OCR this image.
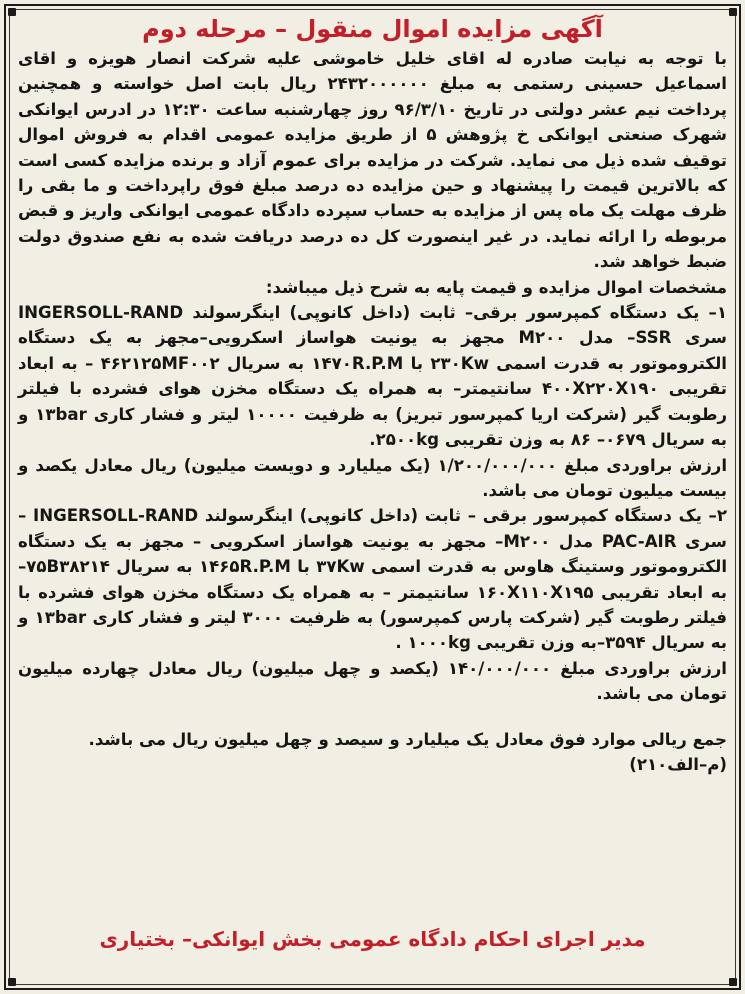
آگهی مزایده اموال منقول – مرحله دوم

با توجه به نیابت صادره له اقای خلیل خاموشی علیه شرکت انصار هویزه و اقای اسماعیل حسینی رستمی به مبلغ ۲۴۳۲۰۰۰۰۰۰ ریال بابت اصل خواسته و همچنین پرداخت نیم عشر دولتی در تاریخ ۹۶/۳/۱۰ روز چهارشنبه ساعت ۱۲:۳۰ در ادرس ایوانکی شهرک صنعتی ایوانکی خ پژوهش ۵ از طریق مزایده عمومی اقدام به فروش اموال توقیف شده ذیل می نماید. شرکت در مزایده برای عموم آزاد و برنده مزایده کسی است که بالاترین قیمت را پیشنهاد و حین مزایده ده درصد مبلغ فوق راپرداخت و ما بقی را ظرف مهلت یک ماه پس از مزایده به حساب سپرده دادگاه عمومی ایوانکی واریز و قبض مربوطه را ارائه نماید. در غیر اینصورت کل ده درصد دریافت شده به نفع صندوق دولت ضبط خواهد شد.

مشخصات اموال مزایده و قیمت پایه به شرح ذیل میباشد:

۱– یک دستگاه کمپرسور برقی– ثابت (داخل کانوپی) اینگرسولند INGERSOLL-RAND سری SSR– مدل M۲۰۰ مجهز به یونیت هواساز اسکرویی–مجهز به یک دستگاه الکتروموتور به قدرت اسمی ۲۳۰Kw با ۱۴۷۰R.P.M به سریال ۴۶۲۱۲۵MF۰۰۲ – به ابعاد تقریبی ۴۰۰X۲۲۰X۱۹۰ سانتیمتر– به همراه یک دستگاه مخزن هوای فشرده با فیلتر رطوبت گیر (شرکت اریا کمپرسور تبریز) به ظرفیت ۱۰۰۰۰ لیتر و فشار کاری ۱۳bar و به سریال ۰۶۷۹– ۸۶ به وزن تقریبی ۲۵۰۰kg.

ارزش براوردی مبلغ ۱/۲۰۰/۰۰۰/۰۰۰ (یک میلیارد و دویست میلیون) ریال معادل یکصد و بیست میلیون تومان می باشد.

۲– یک دستگاه کمپرسور برقی – ثابت (داخل کانوپی) اینگرسولند INGERSOLL-RAND – سری PAC-AIR مدل M۲۰۰– مجهز به یونیت هواساز اسکرویی – مجهز به یک دستگاه الکتروموتور وستینگ هاوس به قدرت اسمی ۳۷Kw با ۱۴۶۵R.P.M به سریال ۷۵B۳۸۲۱۴– به ابعاد تقریبی ۱۶۰X۱۱۰X۱۹۵ سانتیمتر – به همراه یک دستگاه مخزن هوای فشرده با فیلتر رطوبت گیر (شرکت پارس کمپرسور) به ظرفیت ۳۰۰۰ لیتر و فشار کاری ۱۳bar و به سریال ۳۵۹۴–به وزن تقریبی ۱۰۰۰kg .

ارزش براوردی مبلغ ۱۴۰/۰۰۰/۰۰۰ (یکصد و چهل میلیون) ریال معادل چهارده میلیون تومان می باشد.

جمع ریالی موارد فوق معادل یک میلیارد و سیصد و چهل میلیون ریال می باشد.

(م–الف۲۱۰)

مدیر اجرای احکام دادگاه عمومی بخش ایوانکی– بختیاری
